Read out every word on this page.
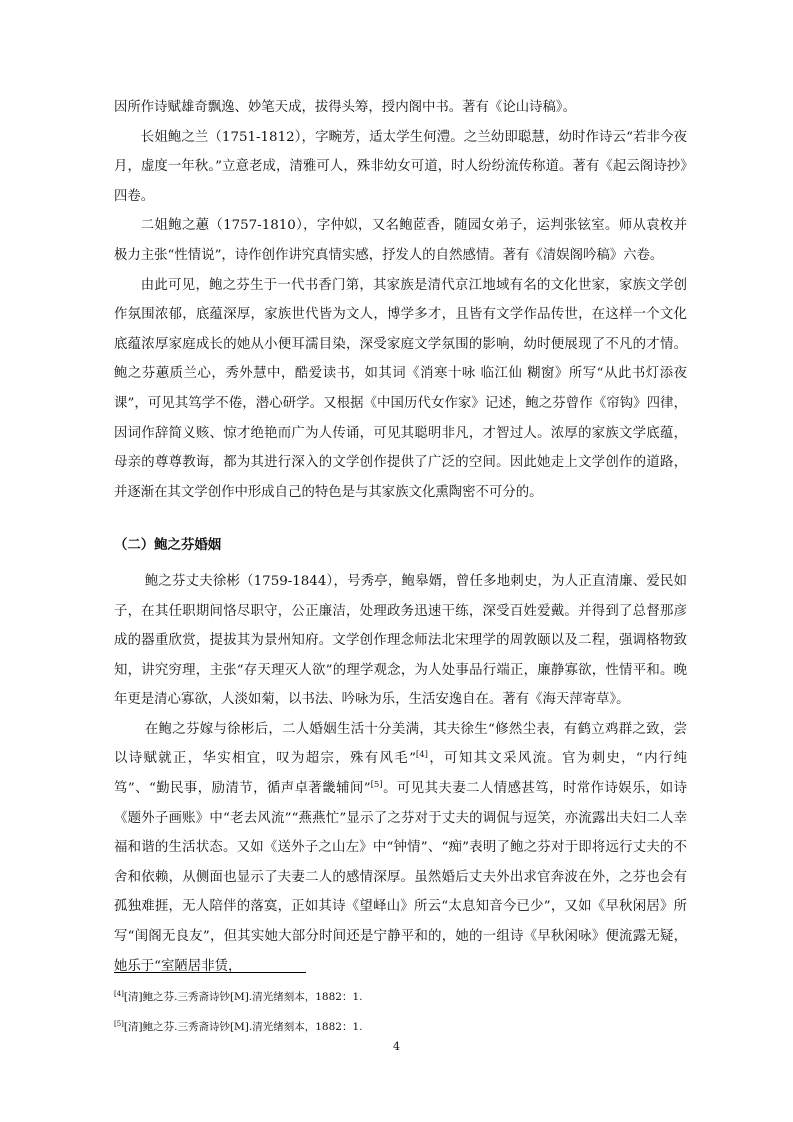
因所作诗赋雄奇飘逸、妙笔天成，拔得头筹，授内阁中书。著有《论山诗稿》。

长姐鲍之兰（1751-1812），字畹芳，适太学生何澧。之兰幼即聪慧，幼时作诗云“若非今夜月，虚度一年秋。”立意老成，清雅可人，殊非幼女可道，时人纷纷流传称道。著有《起云阁诗抄》四卷。

二姐鲍之蕙（1757-1810），字仲姒，又名鲍茝香，随园女弟子，运判张铉室。师从袁枚并极力主张“性情说”，诗作创作讲究真情实感，抒发人的自然感情。著有《清娱阁吟稿》六卷。

由此可见，鲍之芬生于一代书香门第，其家族是清代京江地域有名的文化世家，家族文学创作氛围浓郁，底蕴深厚，家族世代皆为文人，博学多才，且皆有文学作品传世，在这样一个文化底蕴浓厚家庭成长的她从小便耳濡目染，深受家庭文学氛围的影响，幼时便展现了不凡的才情。鲍之芬蕙质兰心，秀外慧中，酷爱读书，如其词《消寒十咏 临江仙 糊窗》所写“从此书灯添夜课”，可见其笃学不倦，潜心研学。又根据《中国历代女作家》记述，鲍之芬曾作《帘钩》四律，因词作辞简义赅、惊才绝艳而广为人传诵，可见其聪明非凡，才智过人。浓厚的家族文学底蕴，母亲的尊尊教诲，都为其进行深入的文学创作提供了广泛的空间。因此她走上文学创作的道路，并逐渐在其文学创作中形成自己的特色是与其家族文化熏陶密不可分的。

（二）鲍之芬婚姻

鲍之芬丈夫徐彬（1759-1844），号秀亭，鲍皋婿，曾任多地刺史，为人正直清廉、爱民如子，在其任职期间恪尽职守，公正廉洁，处理政务迅速干练，深受百姓爱戴。并得到了总督那彦成的器重欣赏，提拔其为景州知府。文学创作理念师法北宋理学的周敦颐以及二程，强调格物致知，讲究穷理，主张“存天理灭人欲”的理学观念，为人处事品行端正，廉静寡欲，性情平和。晚年更是清心寡欲，人淡如菊，以书法、吟咏为乐，生活安逸自在。著有《海天萍寄草》。

在鲍之芬嫁与徐彬后，二人婚姻生活十分美满，其夫徐生“修然尘表，有鹤立鸡群之致，尝以诗赋就正，华实相宜，叹为超宗，殊有风毛”[4]，可知其文采风流。官为刺史，“内行纯笃”、“勤民事，励清节，循声卓著畿辅间”[5]。可见其夫妻二人情感甚笃，时常作诗娱乐，如诗《题外子画账》中“老去风流”“燕燕忙”显示了之芬对于丈夫的调侃与逗笑，亦流露出夫妇二人幸福和谐的生活状态。又如《送外子之山左》中“钟情”、“痴”表明了鲍之芬对于即将远行丈夫的不舍和依赖，从侧面也显示了夫妻二人的感情深厚。虽然婚后丈夫外出求官奔波在外，之芬也会有孤独难捱，无人陪伴的落寞，正如其诗《望峄山》所云“太息知音今已少”，又如《早秋闲居》所写“闺阁无良友”，但其实她大部分时间还是宁静平和的，她的一组诗《早秋闲咏》便流露无疑，她乐于“室陋居非赁，

[4][清]鲍之芬.三秀斋诗钞[M].清光绪刻本，1882：1.

[5][清]鲍之芬.三秀斋诗钞[M].清光绪刻本，1882：1.

4
